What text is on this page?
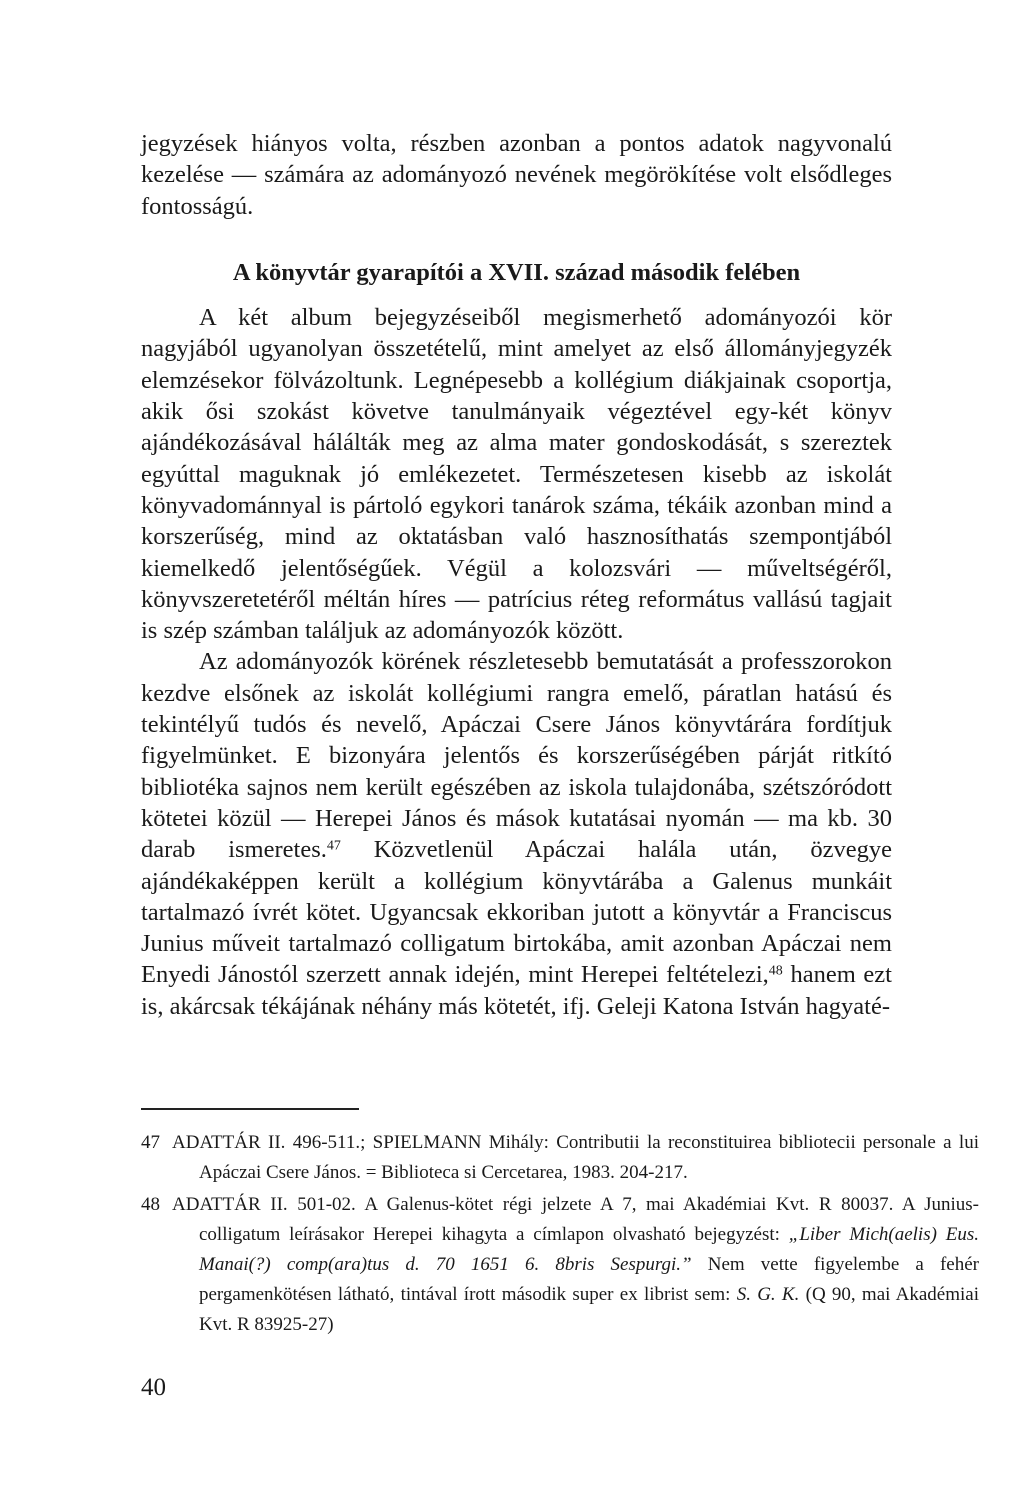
jegyzések hiányos volta, részben azonban a pontos adatok nagyvonalú kezelése — számára az adományozó nevének megörökítése volt elsődleges fontosságú.

A könyvtár gyarapítói a XVII. század második felében

A két album bejegyzéseiből megismerhető adományozói kör nagyjából ugyanolyan összetételű, mint amelyet az első állományjegyzék elemzésekor fölvázoltunk. Legnépesebb a kollégium diákjainak csoportja, akik ősi szokást követve tanulmányaik végeztével egy-két könyv ajándékozásával hálálták meg az alma mater gondoskodását, s szereztek egyúttal maguknak jó emlékezetet. Természetesen kisebb az iskolát könyvadománnyal is pártoló egykori tanárok száma, tékáik azonban mind a korszerűség, mind az oktatásban való hasznosíthatás szempontjából kiemelkedő jelentőségűek. Végül a kolozsvári — műveltségéről, könyvszeretetéről méltán híres — patrícius réteg református vallású tagjait is szép számban találjuk az adományozók között.

Az adományozók körének részletesebb bemutatását a professzorokon kezdve elsőnek az iskolát kollégiumi rangra emelő, páratlan hatású és tekintélyű tudós és nevelő, Apáczai Csere János könyvtárára fordítjuk figyelmünket. E bizonyára jelentős és korszerűségében párját ritkító bibliotéka sajnos nem került egészében az iskola tulajdonába, szétszóródott kötetei közül — Herepei János és mások kutatásai nyomán — ma kb. 30 darab ismeretes.$^{47}$ Közvetlenül Apáczai halála után, özvegye ajándékaképpen került a kollégium könyvtárába a Galenus munkáit tartalmazó ívrét kötet. Ugyancsak ekkoriban jutott a könyvtár a Franciscus Junius műveit tartalmazó colligatum birtokába, amit azonban Apáczai nem Enyedi Jánostól szerzett annak idején, mint Herepei feltételezi,$^{48}$ hanem ezt is, akárcsak tékájának néhány más kötetét, ifj. Geleji Katona István hagyaté-

47 ADATTÁR II. 496-511.; SPIELMANN Mihály: Contributii la reconstituirea bibliotecii personale a lui Apáczai Csere János. = Biblioteca si Cercetarea, 1983. 204-217.

48 ADATTÁR II. 501-02. A Galenus-kötet régi jelzete A 7, mai Akadémiai Kvt. R 80037. A Junius-colligatum leírásakor Herepei kihagyta a címlapon olvasható bejegyzést: „Liber Mich(aelis) Eus. Manai(?) comp(ara)tus d. 70 1651 6. 8bris Sespurgi.” Nem vette figyelembe a fehér pergamenkötésen látható, tintával írott második super ex librist sem: S. G. K. (Q 90, mai Akadémiai Kvt. R 83925-27)

40
